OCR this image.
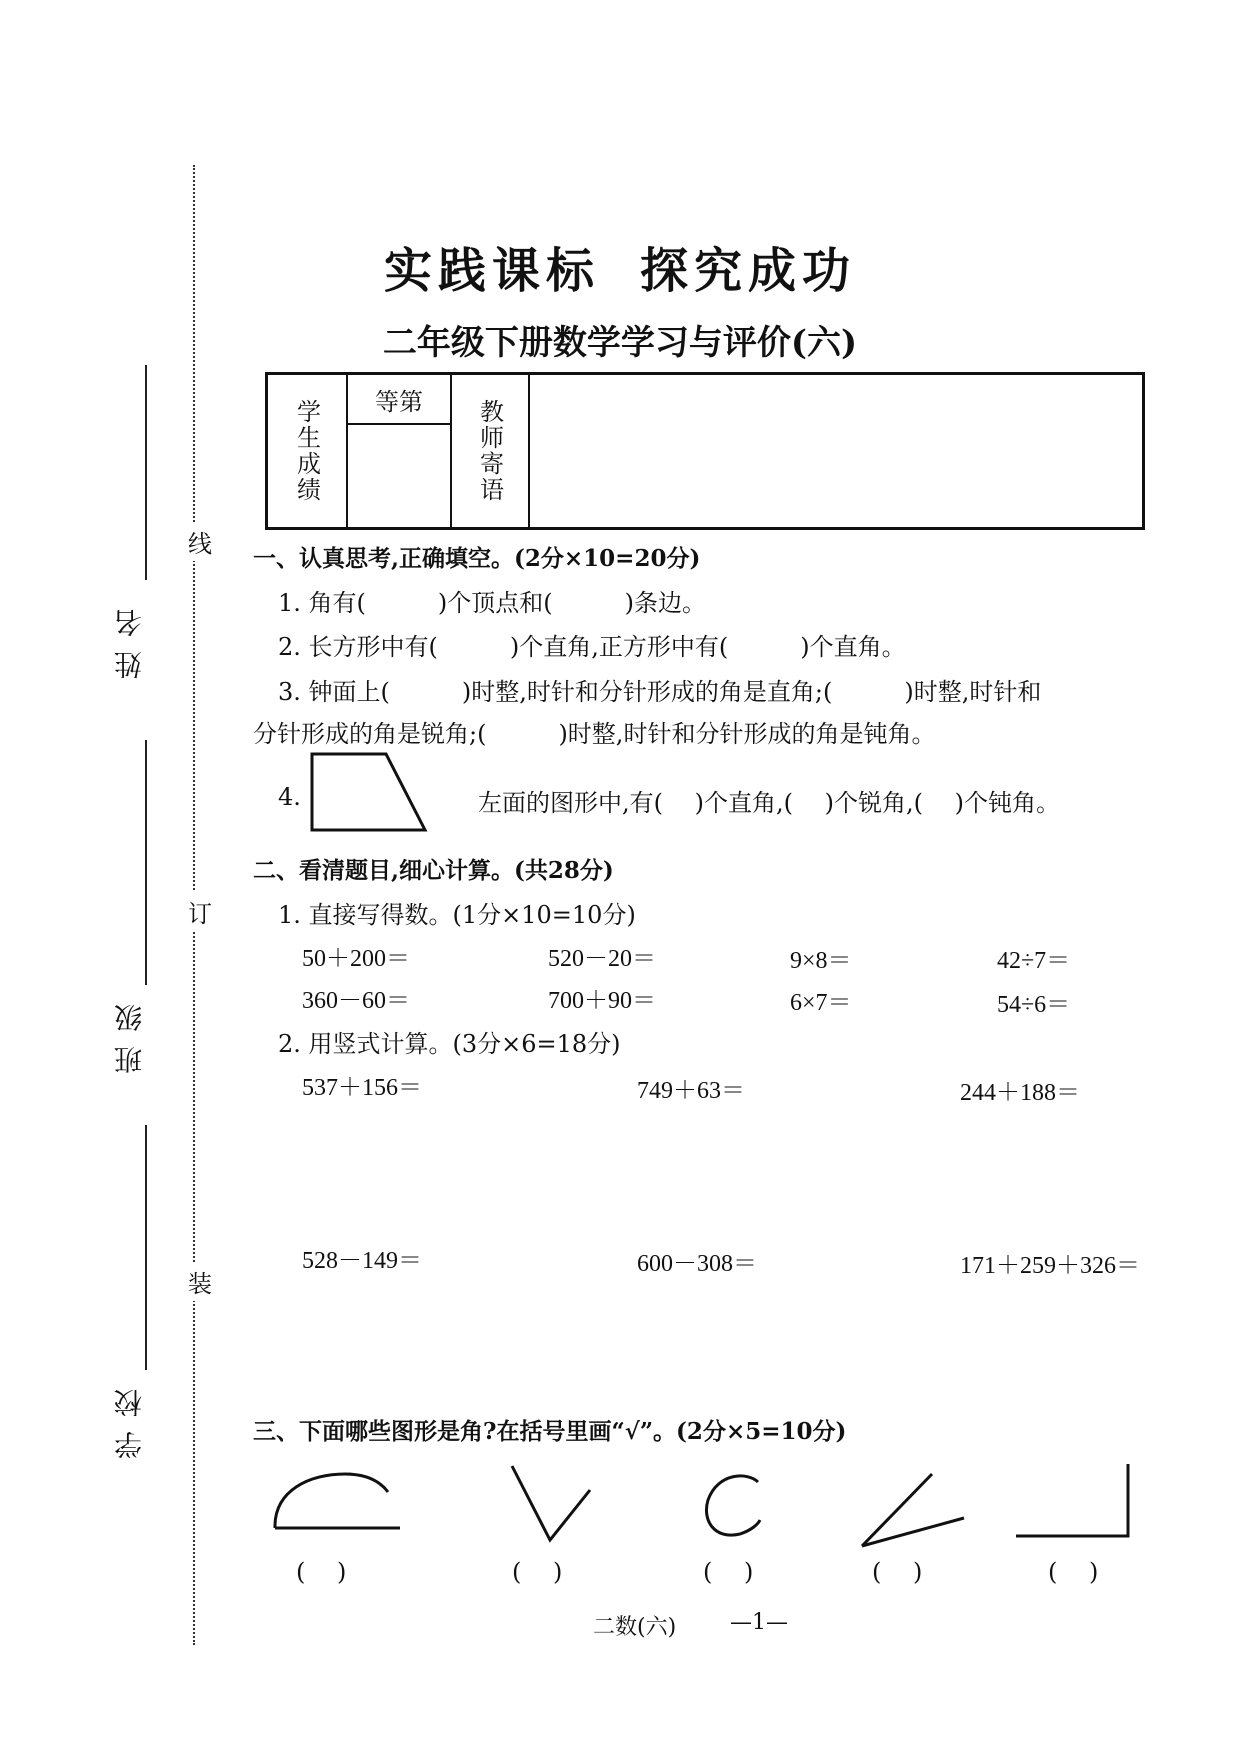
实践课标 探究成功
二年级下册数学学习与评价(六)
姓名
班级
学校
线
订
装
学生成绩	等第	教师寄语

一、认真思考,正确填空。(2分×10=20分)
1. 角有(　　　)个顶点和(　　　)条边。
2. 长方形中有(　　　)个直角,正方形中有(　　　)个直角。
3. 钟面上(　　　)时整,时针和分针形成的角是直角;(　　　)时整,时针和
分针形成的角是锐角;(　　　)时整,时针和分针形成的角是钝角。
4.	左面的图形中,有(　 )个直角,(　 )个锐角,(　 )个钝角。
二、看清题目,细心计算。(共28分)
1. 直接写得数。(1分×10=10分)
50＋200＝	520－20＝	9×8＝	42÷7＝
360－60＝	700＋90＝	6×7＝	54÷6＝
2. 用竖式计算。(3分×6=18分)
537＋156＝	749＋63＝	244＋188＝
528－149＝	600－308＝	171＋259＋326＝
三、下面哪些图形是角?在括号里画“√”。(2分×5=10分)
(　 )	(　 )	(　 )	(　 )	(　 )
二数(六) —1—
